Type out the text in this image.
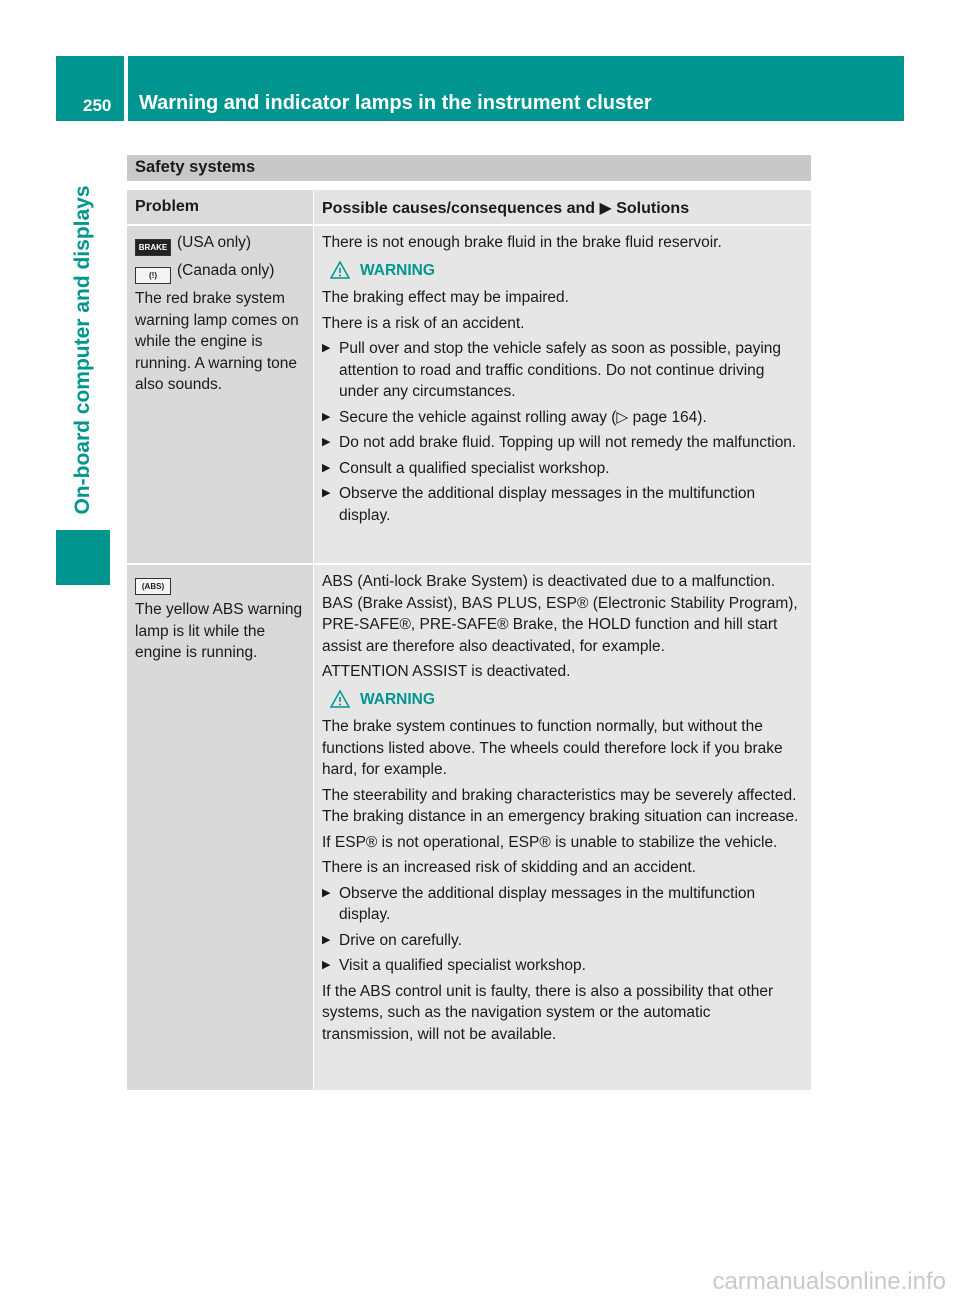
250	Warning and indicator lamps in the instrument cluster
On-board computer and displays
Safety systems
Problem	Possible causes/consequences and ▶ Solutions
BRAKE (USA only)
(!) (Canada only)
The red brake system warning lamp comes on while the engine is running. A warning tone also sounds.

There is not enough brake fluid in the brake fluid reservoir.

WARNING

The braking effect may be impaired.

There is a risk of an accident.

▶ Pull over and stop the vehicle safely as soon as possible, paying attention to road and traffic conditions. Do not continue driving under any circumstances.
▶ Secure the vehicle against rolling away (▷ page 164).
▶ Do not add brake fluid. Topping up will not remedy the malfunction.
▶ Consult a qualified specialist workshop.
▶ Observe the additional display messages in the multifunction display.
(ABS)
The yellow ABS warning lamp is lit while the engine is running.

ABS (Anti-lock Brake System) is deactivated due to a malfunction.

BAS (Brake Assist), BAS PLUS, ESP® (Electronic Stability Program), PRE-SAFE®, PRE-SAFE® Brake, the HOLD function and hill start assist are therefore also deactivated, for example.

ATTENTION ASSIST is deactivated.

WARNING

The brake system continues to function normally, but without the functions listed above. The wheels could therefore lock if you brake hard, for example.

The steerability and braking characteristics may be severely affected. The braking distance in an emergency braking situation can increase.

If ESP® is not operational, ESP® is unable to stabilize the vehicle.

There is an increased risk of skidding and an accident.

▶ Observe the additional display messages in the multifunction display.
▶ Drive on carefully.
▶ Visit a qualified specialist workshop.

If the ABS control unit is faulty, there is also a possibility that other systems, such as the navigation system or the automatic transmission, will not be available.

carmanualsonline.info
